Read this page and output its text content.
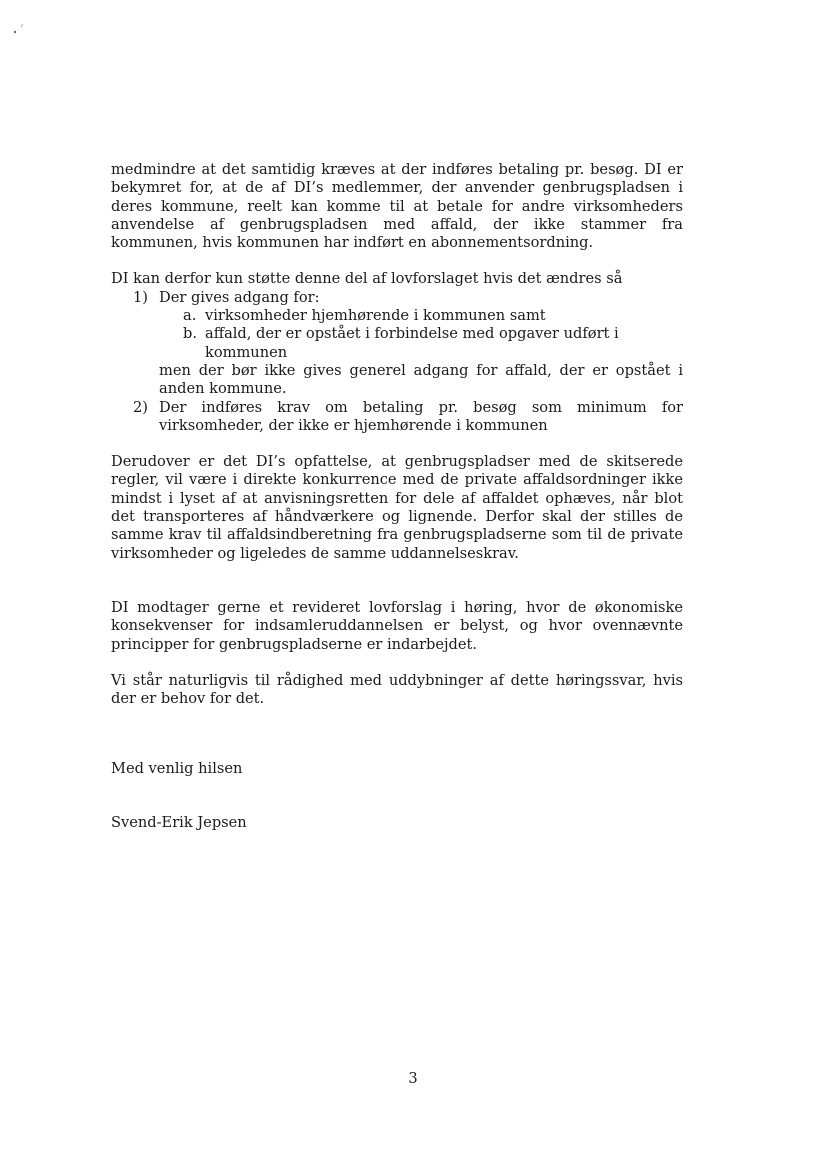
medmindre at det samtidig kræves at der indføres betaling pr. besøg. DI er bekymret for, at de af DI’s medlemmer, der anvender genbrugspladsen i deres kommune, reelt kan komme til at betale for andre virksomheders anvendelse af genbrugspladsen med affald, der ikke stammer fra kommunen, hvis kommunen har indført en abonnementsordning.

DI kan derfor kun støtte denne del af lovforslaget hvis det ændres så

1) Der gives adgang for:
a. virksomheder hjemhørende i kommunen samt
b. affald, der er opstået i forbindelse med opgaver udført i kommunen
men der bør ikke gives generel adgang for affald, der er opstået i anden kommune.
2) Der indføres krav om betaling pr. besøg som minimum for virksomheder, der ikke er hjemhørende i kommunen

Derudover er det DI’s opfattelse, at genbrugspladser med de skitserede regler, vil være i direkte konkurrence med de private affaldsordninger ikke mindst i lyset af at anvisningsretten for dele af affaldet ophæves, når blot det transporteres af håndværkere og lignende. Derfor skal der stilles de samme krav til affaldsindberetning fra genbrugspladserne som til de private virksomheder og ligeledes de samme uddannelseskrav.

DI modtager gerne et revideret lovforslag i høring, hvor de økonomiske konsekvenser for indsamleruddannelsen er belyst, og hvor ovennævnte principper for genbrugspladserne er indarbejdet.

Vi står naturligvis til rådighed med uddybninger af dette høringssvar, hvis der er behov for det.

Med venlig hilsen

Svend-Erik Jepsen

3
